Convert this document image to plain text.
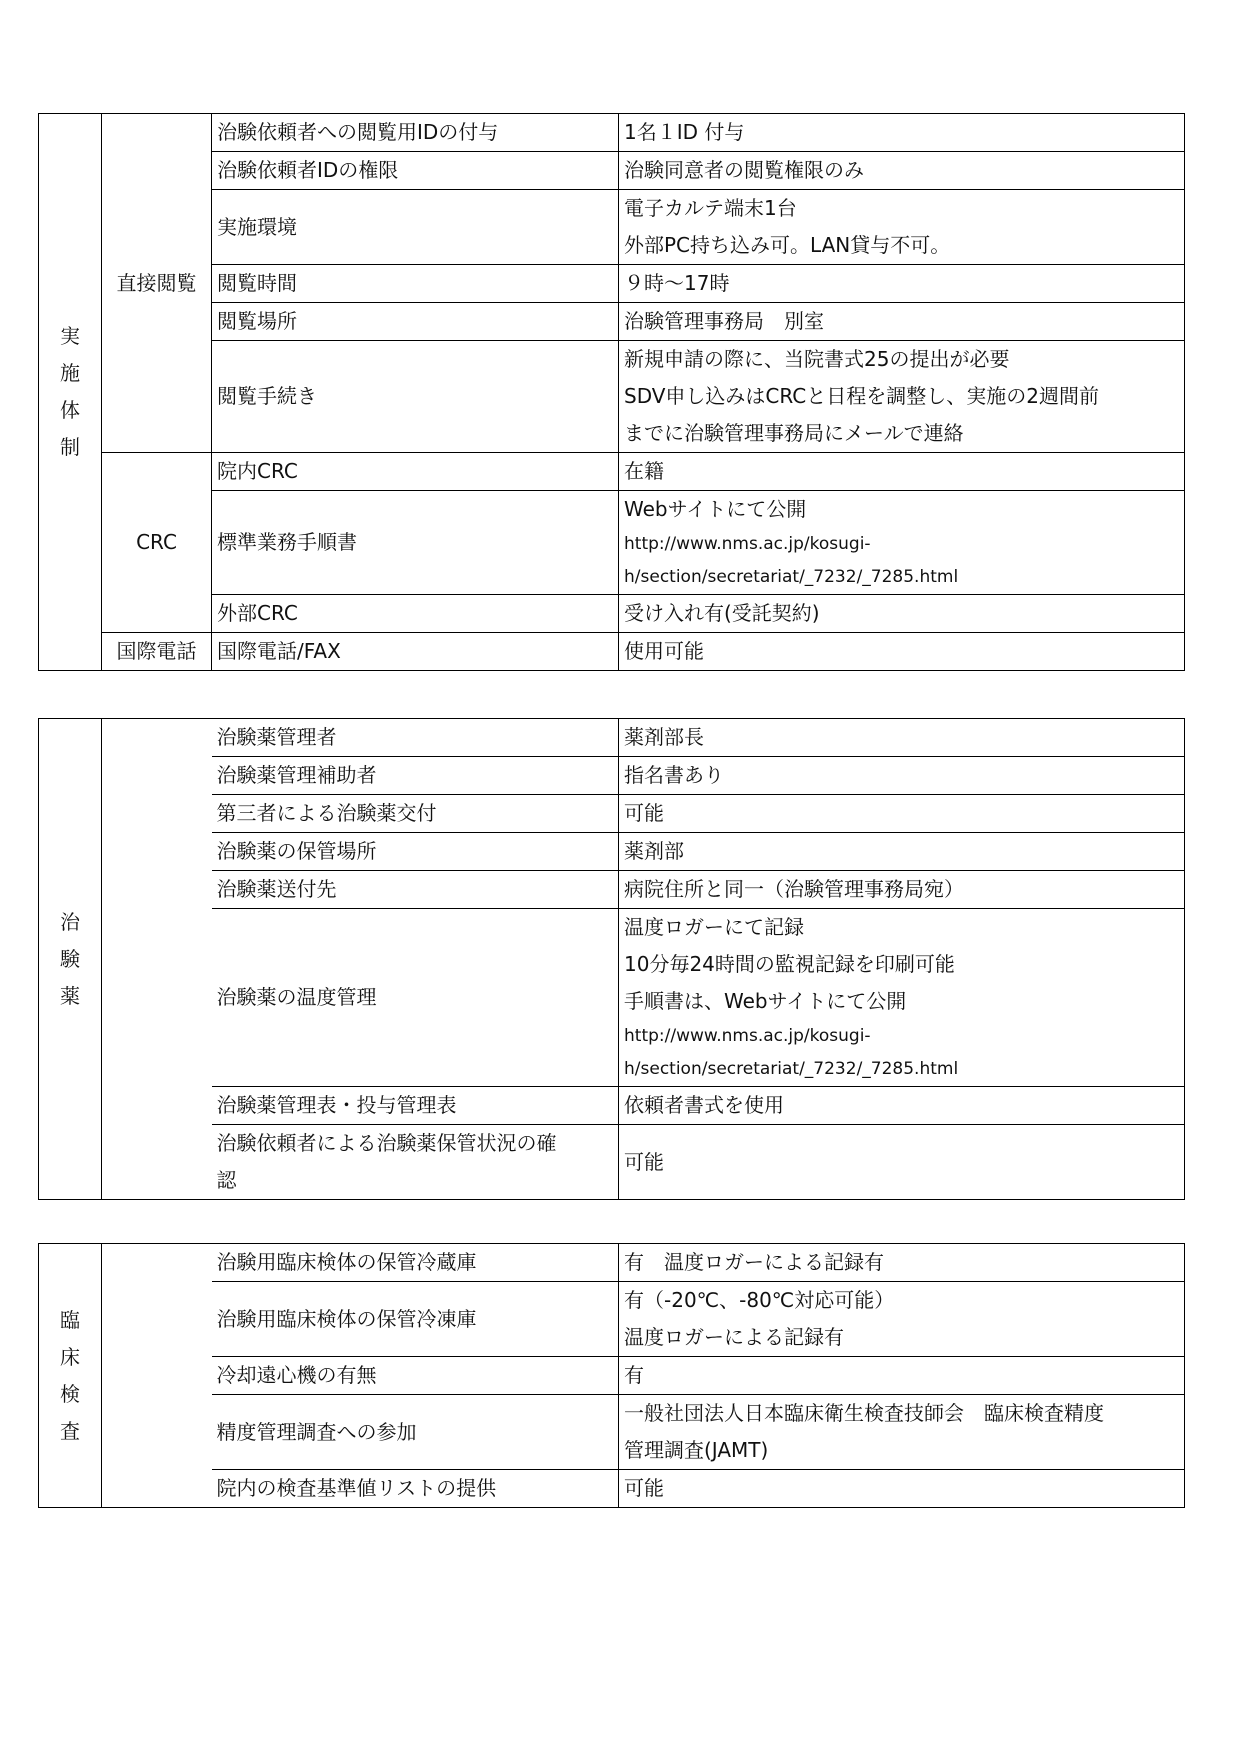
実
施
体
制	直接閲覧	治験依頼者への閲覧用IDの付与	1名１ID 付与
		治験依頼者IDの権限	治験同意者の閲覧権限のみ
		実施環境	電子カルテ端末1台
外部PC持ち込み可。LAN貸与不可。

		閲覧時間	９時〜17時
		閲覧場所	治験管理事務局　別室
		閲覧手続き	新規申請の際に、当院書式25の提出が必要
SDV申し込みはCRCと日程を調整し、実施の2週間前
までに治験管理事務局にメールで連絡

	CRC	院内CRC	在籍
		標準業務手順書	Webサイトにて公開
http://www.nms.ac.jp/kosugi-
h/section/secretariat/_7232/_7285.html

		外部CRC	受け入れ有(受託契約)
	国際電話	国際電話/FAX	使用可能
治
験
薬		治験薬管理者	薬剤部長
		治験薬管理補助者	指名書あり
		第三者による治験薬交付	可能
		治験薬の保管場所	薬剤部
		治験薬送付先	病院住所と同一（治験管理事務局宛）
		治験薬の温度管理	温度ロガーにて記録
10分毎24時間の監視記録を印刷可能
手順書は、Webサイトにて公開
http://www.nms.ac.jp/kosugi-
h/section/secretariat/_7232/_7285.html

		治験薬管理表・投与管理表	依頼者書式を使用

		治験依頼者による治験薬保管状況の確
認	可能
臨
床
検
査		治験用臨床検体の保管冷蔵庫	有　温度ロガーによる記録有
		治験用臨床検体の保管冷凍庫	有（-20℃、-80℃対応可能）
温度ロガーによる記録有

		冷却遠心機の有無	有
		精度管理調査への参加	一般社団法人日本臨床衛生検査技師会　臨床検査精度
管理調査(JAMT)

		院内の検査基準値リストの提供	可能
